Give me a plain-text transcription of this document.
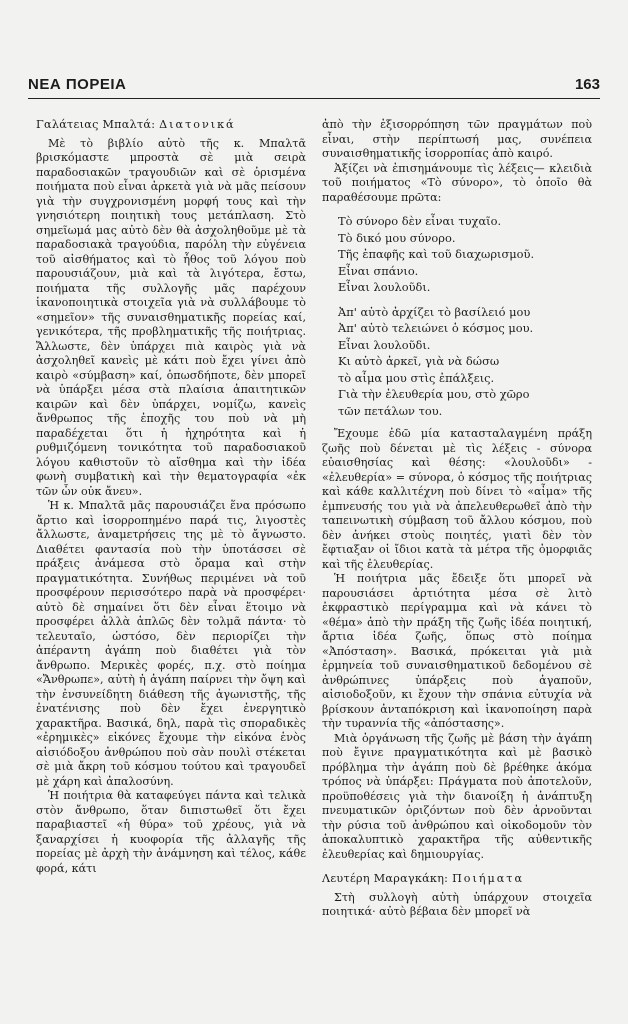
ΝΕΑ ΠΟΡΕΙΑ	163

Γαλάτειας Μπαλτά: Διατονικά

Μὲ τὸ βιβλίο αὐτὸ τῆς κ. Μπαλτᾶ βρισκόμαστε μπροστὰ σὲ μιὰ σειρὰ παραδοσιακῶν τραγουδιῶν καὶ σὲ ὁρισμένα ποιήματα ποὺ εἶναι ἀρκετὰ γιὰ νὰ μᾶς πείσουν γιὰ τὴν συγχρονισμένη μορφή τους καὶ τὴν γνησιότερη ποιητικὴ τους μετάπλαση. Στὸ σημεῖωμά μας αὐτὸ δὲν θὰ ἀσχοληθοῦμε μὲ τὰ παραδοσιακὰ τραγούδια, παρόλη τὴν εὐγένεια τοῦ αἰσθήματος καὶ τὸ ἦθος τοῦ λόγου ποὺ παρουσιάζουν, μιὰ καὶ τὰ λιγότερα, ἔστω, ποιήματα τῆς συλλογῆς μᾶς παρέχουν ἱκανοποιητικὰ στοιχεῖα γιὰ νὰ συλλάβουμε τὸ «σημεῖον» τῆς συναισθηματικῆς πορείας καί, γενικότερα, τῆς προβληματικῆς τῆς ποιήτριας. Ἄλλωστε, δὲν ὑπάρχει πιὰ καιρὸς γιὰ νὰ ἀσχοληθεῖ κανεὶς μὲ κάτι ποὺ ἔχει γίνει ἀπὸ καιρὸ «σύμβαση» καί, ὁπωσδήποτε, δὲν μπορεῖ νὰ ὑπάρξει μέσα στὰ πλαίσια ἀπαιτητικῶν καιρῶν καὶ δὲν ὑπάρχει, νομίζω, κανεὶς ἄνθρωπος τῆς ἐποχῆς του ποὺ νὰ μὴ παραδέχεται ὅτι ἡ ἠχηρότητα καὶ ἡ ρυθμιζόμενη τονικότητα τοῦ παραδοσιακοῦ λόγου καθιστοῦν τὸ αἴσθημα καὶ τὴν ἰδέα φωνὴ συμβατικὴ καὶ τὴν θεματογραφία «ἐκ τῶν ὧν οὐκ ἄνευ».

Ἡ κ. Μπαλτᾶ μᾶς παρουσιάζει ἕνα πρόσωπο ἄρτιο καὶ ἰσορροπημένο παρά τις, λιγοστὲς ἄλλωστε, ἀναμετρήσεις της μὲ τὸ ἄγνωστο. Διαθέτει φαντασία ποὺ τὴν ὑποτάσσει σὲ πράξεις ἀνάμεσα στὸ ὄραμα καὶ στὴν πραγματικότητα. Συνήθως περιμένει νὰ τοῦ προσφέρουν περισσότερο παρὰ νὰ προσφέρει· αὐτὸ δὲ σημαίνει ὅτι δὲν εἶναι ἕτοιμο νὰ προσφέρει ἀλλὰ ἁπλῶς δὲν τολμᾶ πάντα· τὸ τελευταῖο, ὡστόσο, δὲν περιορίζει τὴν ἀπέραντη ἀγάπη ποὺ διαθέτει γιὰ τὸν ἄνθρωπο. Μερικὲς φορές, π.χ. στὸ ποίημα «Ἄνθρωπε», αὐτὴ ἡ ἀγάπη παίρνει τὴν ὄψη καὶ τὴν ἐνσυνείδητη διάθεση τῆς ἀγωνιστῆς, τῆς ἐνατένισης ποὺ δὲν ἔχει ἐνεργητικὸ χαρακτῆρα. Βασικά, δηλ, παρὰ τὶς σποραδικὲς «ἐρημικὲς» εἰκόνες ἔχουμε τὴν εἰκόνα ἑνὸς αἰσιόδοξου ἀνθρώπου ποὺ σὰν πουλὶ στέκεται σὲ μιὰ ἄκρη τοῦ κόσμου τούτου καὶ τραγουδεῖ μὲ χάρη καὶ ἀπαλοσύνη.

Ἡ ποιήτρια θὰ καταφεύγει πάντα καὶ τελικὰ στὸν ἄνθρωπο, ὅταν διπιστωθεῖ ὅτι ἔχει παραβιαστεῖ «ἡ θύρα» τοῦ χρέους, γιὰ νὰ ξαναρχίσει ἡ κυοφορία τῆς ἀλλαγῆς τῆς πορείας μὲ ἀρχὴ τὴν ἀνάμνηση καὶ τέλος, κάθε φορά, κάτι

ἀπὸ τὴν ἐξισορρόπηση τῶν πραγμάτων ποὺ εἶναι, στὴν περίπτωσή μας, συνέπεια συναισθηματικῆς ἰσορροπίας ἀπὸ καιρό.

Ἀξίζει νὰ ἐπισημάνουμε τὶς λέξεις— κλειδιὰ τοῦ ποιήματος «Τὸ σύνορο», τὸ ὁποῖο θὰ παραθέσουμε πρῶτα:

Τὸ σύνορο δὲν εἶναι τυχαῖο.
Τὸ δικό μου σύνορο.
Τῆς ἐπαφῆς καὶ τοῦ διαχωρισμοῦ.
Εἶναι σπάνιο.
Εἶναι λουλοῦδι.
Ἀπ' αὐτὸ ἀρχίζει τὸ βασίλειό μου
Ἀπ' αὐτὸ τελειώνει ὁ κόσμος μου.
Εἶναι λουλοῦδι.
Κι αὐτὸ ἀρκεῖ, γιὰ νὰ δώσω
τὸ αἷμα μου στὶς ἐπάλξεις.
Γιὰ τὴν ἐλευθερία μου, στὸ χῶρο
τῶν πετάλων του.

Ἔχουμε ἐδῶ μία κατασταλαγμένη πράξη ζωῆς ποὺ δένεται μὲ τὶς λέξεις - σύνορα εὐαισθησίας καὶ θέσης: «λουλοῦδι» - «ἐλευθερία» = σύνορα, ὁ κόσμος τῆς ποιήτριας καὶ κάθε καλλιτέχνη ποὺ δίνει τὸ «αἷμα» τῆς ἐμπνευσής του γιὰ νὰ ἀπελευθερωθεῖ ἀπὸ τὴν ταπεινωτικὴ σύμβαση τοῦ ἄλλου κόσμου, ποὺ δὲν ἀνήκει στοὺς ποιητές, γιατὶ δὲν τὸν ἔφτιαξαν οἱ ἴδιοι κατὰ τὰ μέτρα τῆς ὀμορφιᾶς καὶ τῆς ἐλευθερίας.

Ἡ ποιήτρια μᾶς ἔδειξε ὅτι μπορεῖ νὰ παρουσιάσει ἀρτιότητα μέσα σὲ λιτὸ ἐκφραστικὸ περίγραμμα καὶ νὰ κάνει τὸ «θέμα» ἀπὸ τὴν πράξη τῆς ζωῆς ἰδέα ποιητική, ἄρτια ἰδέα ζωῆς, ὅπως στὸ ποίημα «Ἀπόσταση». Βασικά, πρόκειται γιὰ μιὰ ἑρμηνεία τοῦ συναισθηματικοῦ δεδομένου σὲ ἀνθρώπινες ὑπάρξεις ποὺ ἀγαποῦν, αἰσιοδοξοῦν, κι ἔχουν τὴν σπάνια εὐτυχία νὰ βρίσκουν ἀνταπόκριση καὶ ἱκανοποίηση παρὰ τὴν τυραννία τῆς «ἀπόστασης».

Μιὰ ὀργάνωση τῆς ζωῆς μὲ βάση τὴν ἀγάπη ποὺ ἔγινε πραγματικότητα καὶ μὲ βασικὸ πρόβλημα τὴν ἀγάπη ποὺ δὲ βρέθηκε ἀκόμα τρόπος νὰ ὑπάρξει: Πράγματα ποὺ ἀποτελοῦν, προϋποθέσεις γιὰ τὴν διανοίξη ἡ ἀνάπτυξη πνευματικῶν ὁριζόντων ποὺ δὲν ἀρνοῦνται τὴν ρύσια τοῦ ἀνθρώπου καὶ οἰκοδομοῦν τὸν ἀποκαλυπτικὸ χαρακτῆρα τῆς αὐθεντικῆς ἐλευθερίας καὶ δημιουργίας.

Λευτέρη Μαραγκάκη: Ποιήματα

Στὴ συλλογὴ αὐτὴ ὑπάρχουν στοιχεῖα ποιητικά· αὐτὸ βέβαια δὲν μπορεῖ νὰ
